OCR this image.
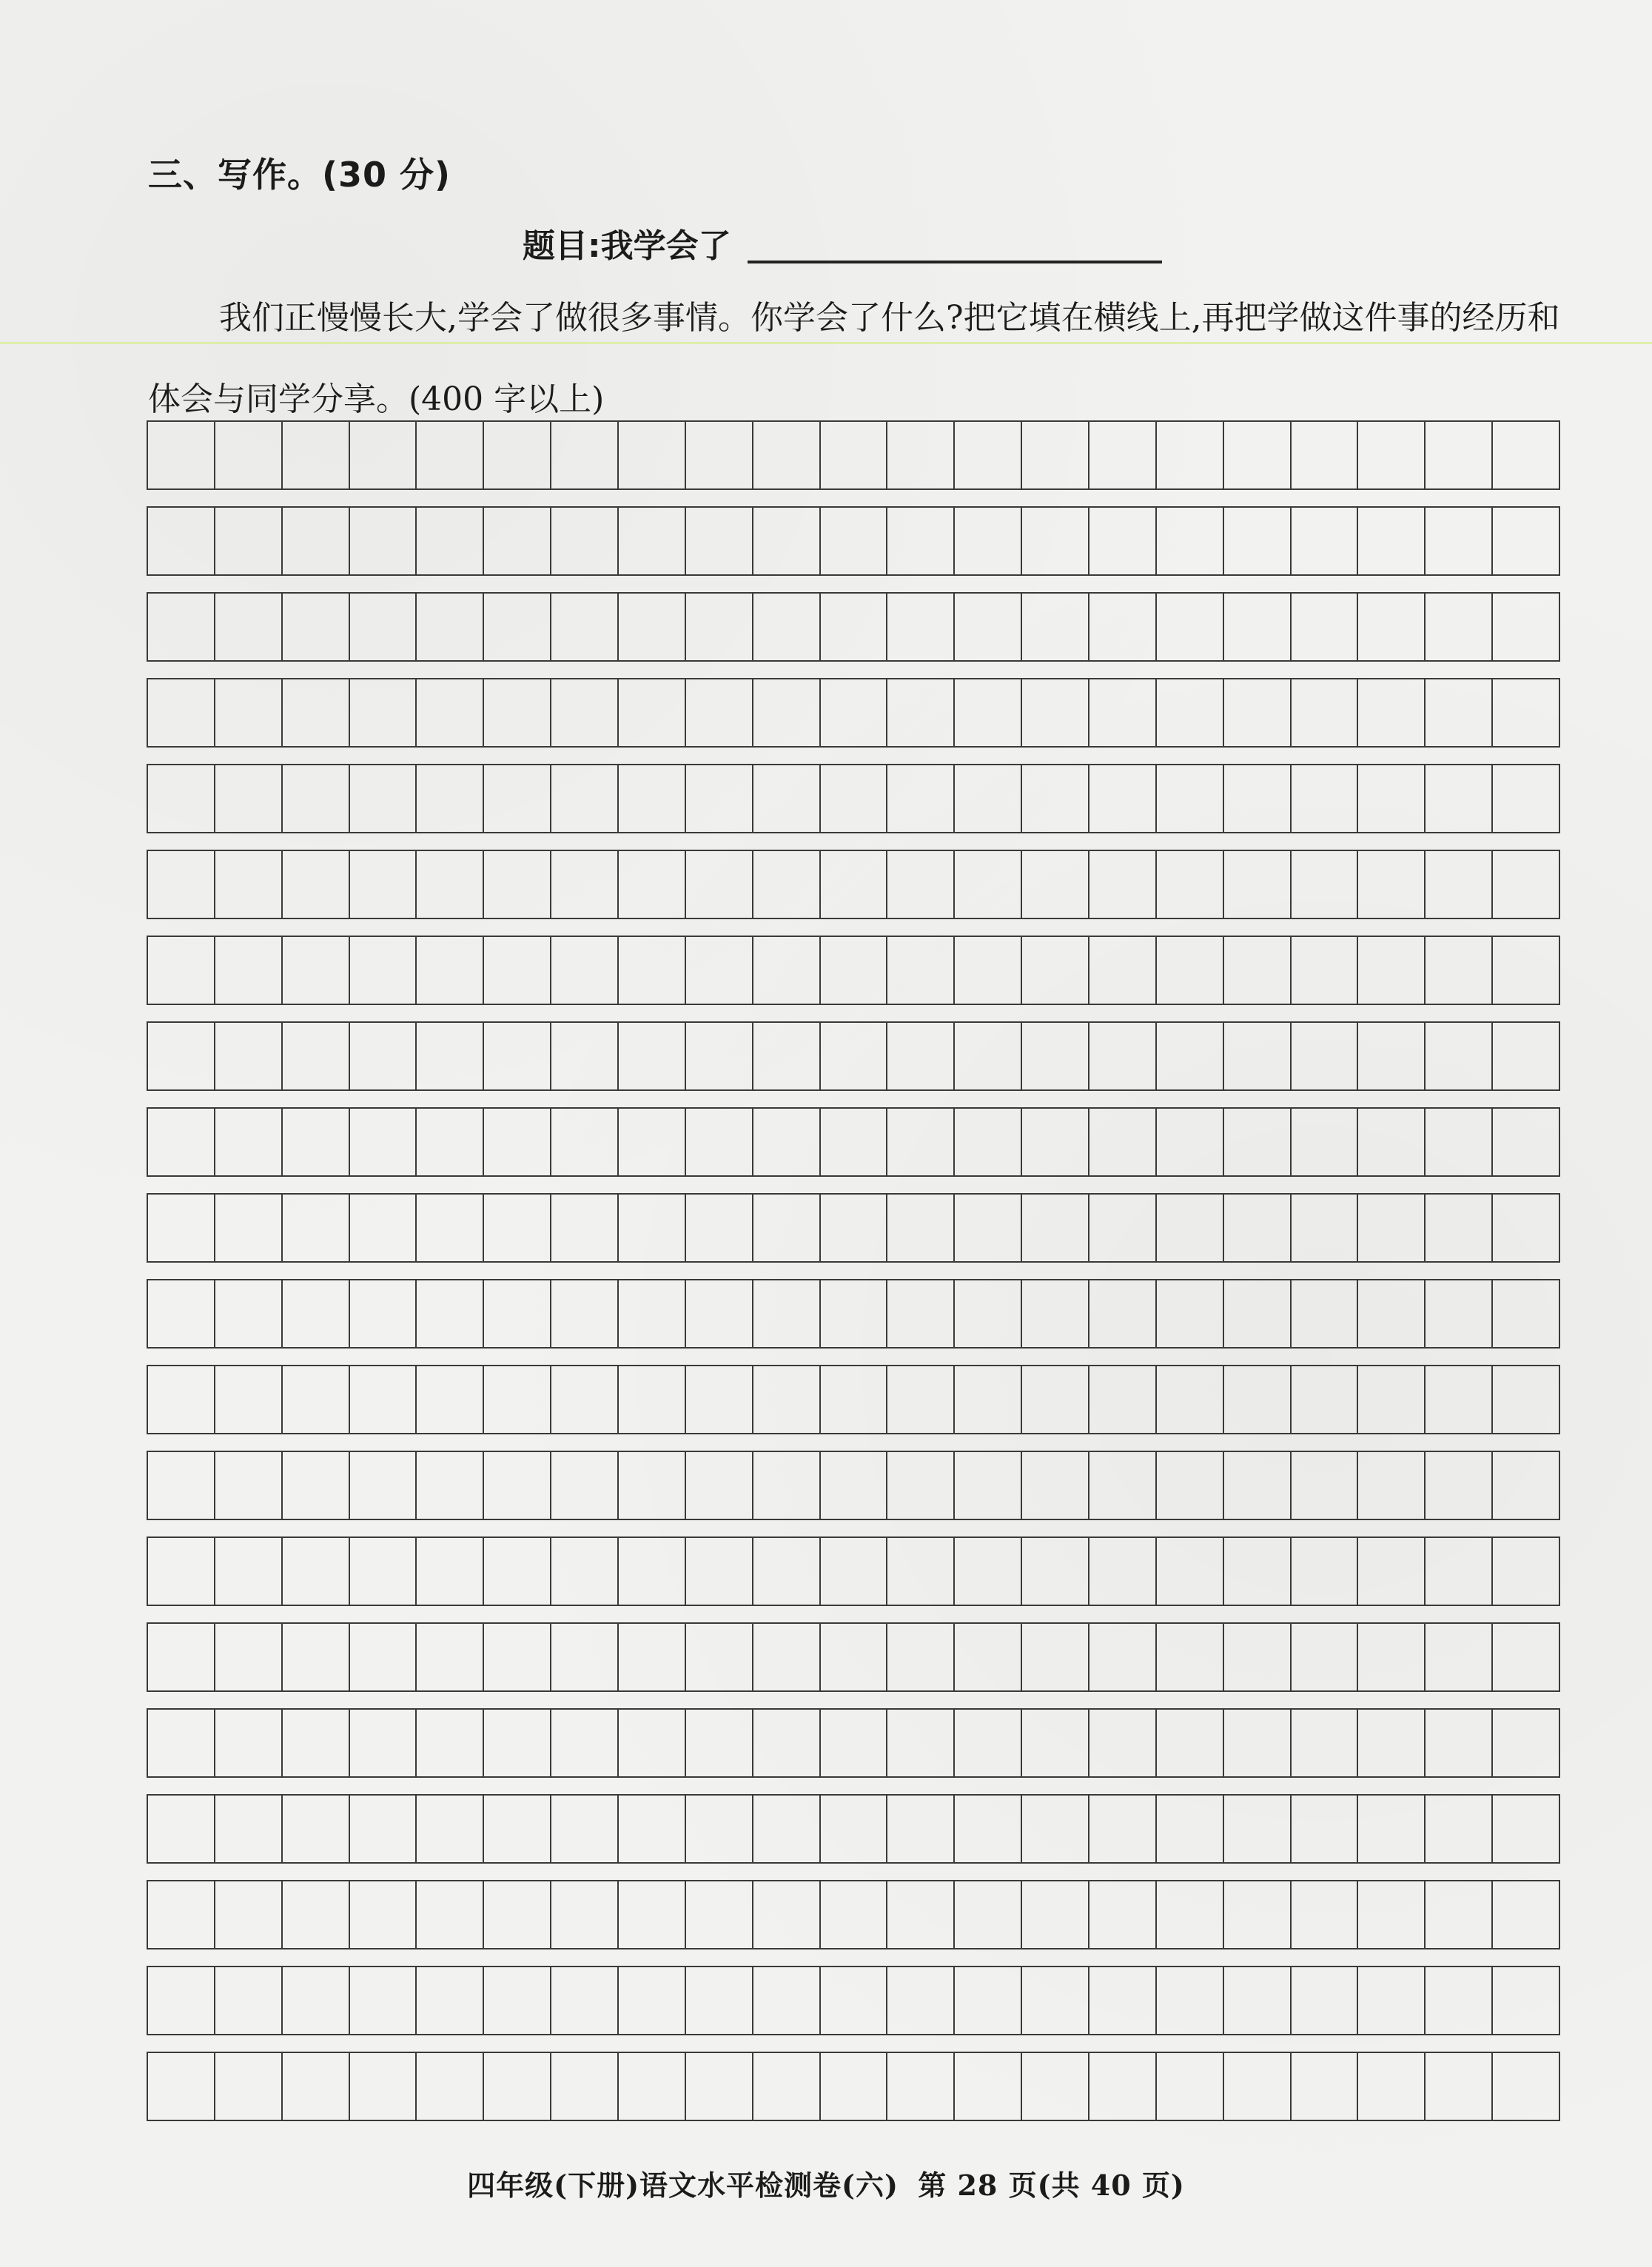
三、写作。(30 分)
题目:我学会了

我们正慢慢长大,学会了做很多事情。你学会了什么?把它填在横线上,再把学做这件事的经历和体会与同学分享。(400 字以上)

四年级(下册)语文水平检测卷(六) 第 28 页(共 40 页)
